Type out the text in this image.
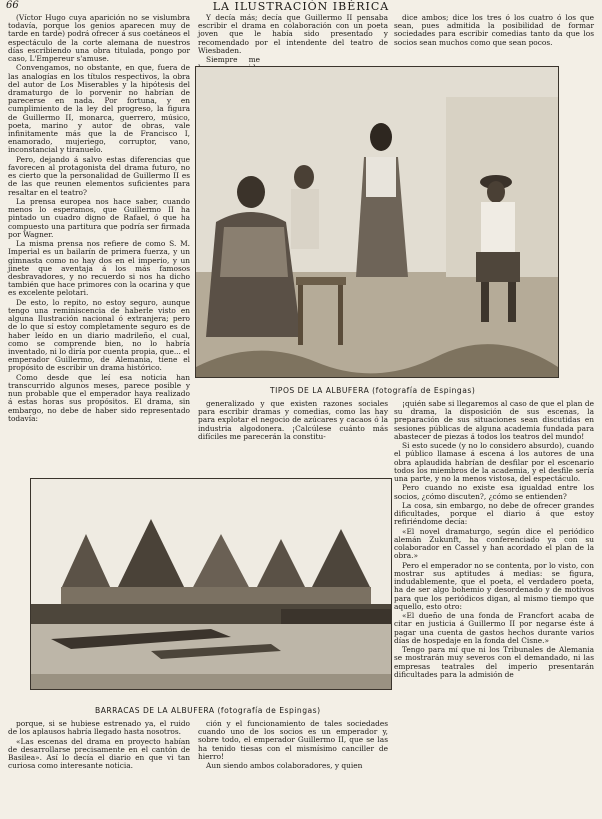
66	LA ILUSTRACIÓN IBÉRICA

(Víctor Hugo cuya aparición no se vislumbra todavía, porque los genios aparecen muy de tarde en tarde) podrá ofrecer á sus coetáneos el espectáculo de la corte alemana de nuestros días escribiendo una obra titulada, pongo por caso, L'Empereur s'amuse.

Convengamos, no obstante, en que, fuera de las analogías en los títulos respectivos, la obra del autor de Los Miserables y la hipótesis del dramaturgo de lo porvenir no habrían de parecerse en nada. Por fortuna, y en cumplimiento de la ley del progreso, la figura de Guillermo II, monarca, guerrero, músico, poeta, marino y autor de obras, vale infinitamente más que la de Francisco I, enamorado, mujeriego, corruptor, vano, inconstancial y tiranuelo.

Pero, dejando á salvo estas diferencias que favorecen al protagonista del drama futuro, no es cierto que la personalidad de Guillermo II es de las que reunen elementos suficientes para resaltar en el teatro?

La prensa europea nos hace saber, cuando menos lo esperamos, que Guillermo II ha pintado un cuadro digno de Rafael, ó que ha compuesto una partitura que podría ser firmada por Wagner.

La misma prensa nos refiere de como S. M. Imperial es un bailarín de primera fuerza, y un gimnasta como no hay dos en el imperio, y un jinete que aventaja á los más famosos desbravadores, y no recuerdo si nos ha dicho también que hace primores con la ocarina y que es excelente pelotari.

De esto, lo repito, no estoy seguro, aunque tengo una reminiscencia de haberle visto en alguna Ilustración nacional ó extranjera; pero de lo que sí estoy completamente seguro es de haber leído en un diario madrileño, el cual, como se comprende bien, no lo habría inventado, ni lo diría por cuenta propia, que... el emperador Guillermo, de Alemania, tiene el propósito de escribir un drama histórico.

Como desde que leí esa noticia han transcurrido algunos meses, parece posible y nun probable que el emperador haya realizado á estas horas sus propósitos. El drama, sin embargo, no debe de haber sido representado todavía:

Y decía más; decía que Guillermo II pensaba escribir el drama en colaboración con un poeta joven que le había sido presentado y recomendado por el intendente del teatro de Wiesbaden.

Siempre me

dice ambos; dice los tres ó los cuatro ó los que sean, pues admitida la posibilidad de formar sociedades para escribir comedias tanto da que los socios sean muchos como que sean pocos.

TIPOS DE LA ALBUFERA (fotografía de Espingas)

generalizado y que existen razones sociales para escribir dramas y comedias, como las hay para explotar el negocio de azúcares y cacaos ó la industria algodonera. ¡Calcúlese cuánto más difíciles me parecerán la constitu-

¡quién sabe si llegaremos al caso de que el plan de su drama, la disposición de sus escenas, la preparación de sus situaciones sean discutidas en sesiones públicas de alguna academia fundada para abastecer de piezas á todos los teatros del mundo!

Si esto sucede (y no lo considero absurdo), cuando el público llamase á escena á los autores de una obra aplaudida habrían de desfilar por el escenario todos los miembros de la academia, y el desfile sería una parte, y no la menos vistosa, del espectáculo.

Pero cuando no existe esa igualdad entre los socios, ¿cómo discuten?, ¿cómo se entienden?

La cosa, sin embargo, no debe de ofrecer grandes dificultades, porque el diario á que estoy refiriéndome decía:

«El novel dramaturgo, según dice el periódico alemán Zukunft, ha conferenciado ya con su colaborador en Cassel y han acordado el plan de la obra.»

Pero el emperador no se contenta, por lo visto, con mostrar sus aptitudes á medias: se figura, indudablemente, que el poeta, el verdadero poeta, ha de ser algo bohemio y desordenado y de motivos para que los periódicos digan, al mismo tiempo que aquello, esto otro:

«El dueño de una fonda de Francfort acaba de citar en justicia á Guillermo II por negarse éste á pagar una cuenta de gastos hechos durante varios días de hospedaje en la fonda del Cisne.»

Tengo para mí que ni los Tribunales de Alemania se mostrarán muy severos con el demandado, ni las empresas teatrales del imperio presentarán dificultades para la admisión de

BARRACAS DE LA ALBUFERA (fotografía de Espingas)

porque, si se hubiese estrenado ya, el ruido de los aplausos habría llegado hasta nosotros.

«Las escenas del drama en proyecto habían de desarrollarse precisamente en el cantón de Basilea». Así lo decía el diario en que vi tan curiosa como interesante noticia.

ción y el funcionamiento de tales sociedades cuando uno de los socios es un emperador y, sobre todo, el emperador Guillermo II, que se las ha tenido tiesas con el mismísimo canciller de hierro!

Aun siendo ambos colaboradores, y quien
